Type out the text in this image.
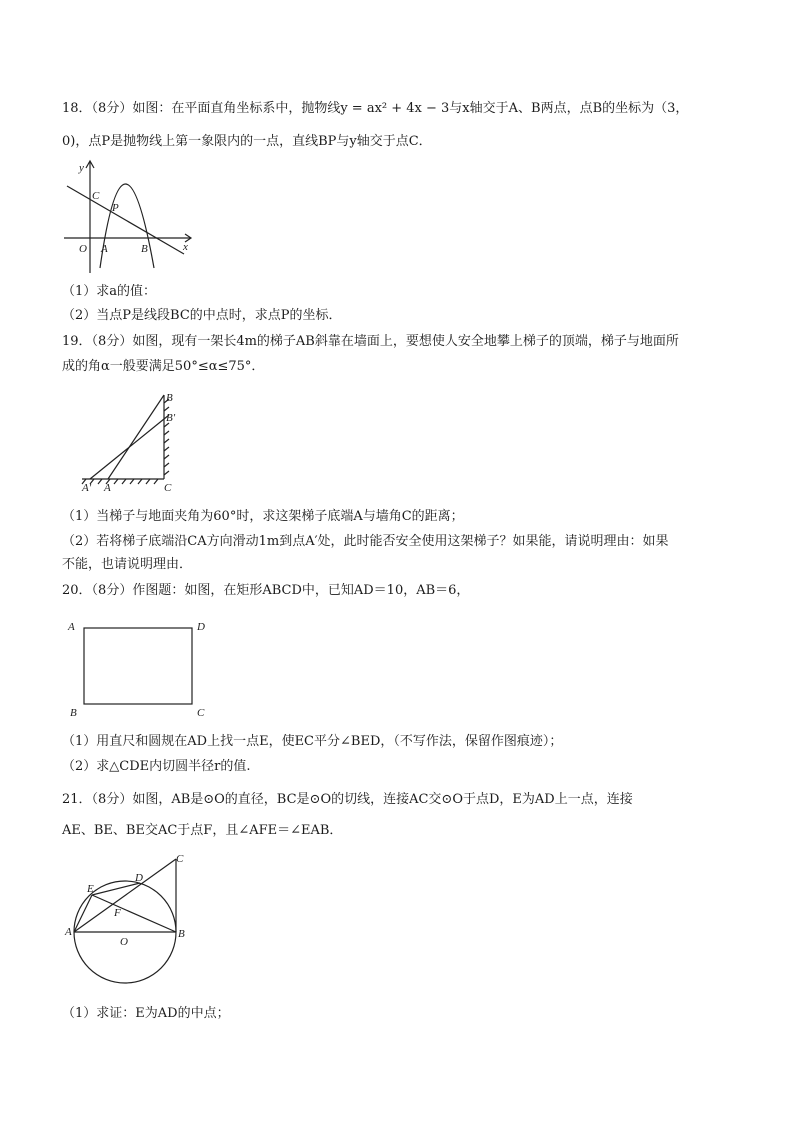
18．（8分）如图：在平面直角坐标系中，抛物线y = ax² + 4x − 3与x轴交于A、B两点，点B的坐标为（3，
0)，点P是抛物线上第一象限内的一点，直线BP与y轴交于点C．
x
y
O A	B
C
P
（1）求a的值：
（2）当点P是线段BC的中点时，求点P的坐标．
19．（8分）如图，现有一架长4m的梯子AB斜靠在墙面上，要想使人安全地攀上梯子的顶端，梯子与地面所
成的角α一般要满足50°≤α≤75°．
B
B′
A′ A	C
（1）当梯子与地面夹角为60°时，求这架梯子底端A与墙角C的距离；
（2）若将梯子底端沿CA方向滑动1m到点A′处，此时能否安全使用这架梯子？如果能，请说明理由：如果
不能，也请说明理由．
20．（8分）作图题：如图，在矩形ABCD中，已知AD＝10，AB＝6，
A	D
B	C
（1）用直尺和圆规在AD上找一点E，使EC平分∠BED，（不写作法，保留作图痕迹）；
（2）求△CDE内切圆半径r的值.
21．（8分）如图，AB是⊙O的直径，BC是⊙O的切线，连接AC交⊙O于点D，E为AD上一点，连接
AE、BE、BE交AC于点F，且∠AFE＝∠EAB．
C
D
E
F
A	B
O
（1）求证：E为AD的中点；
